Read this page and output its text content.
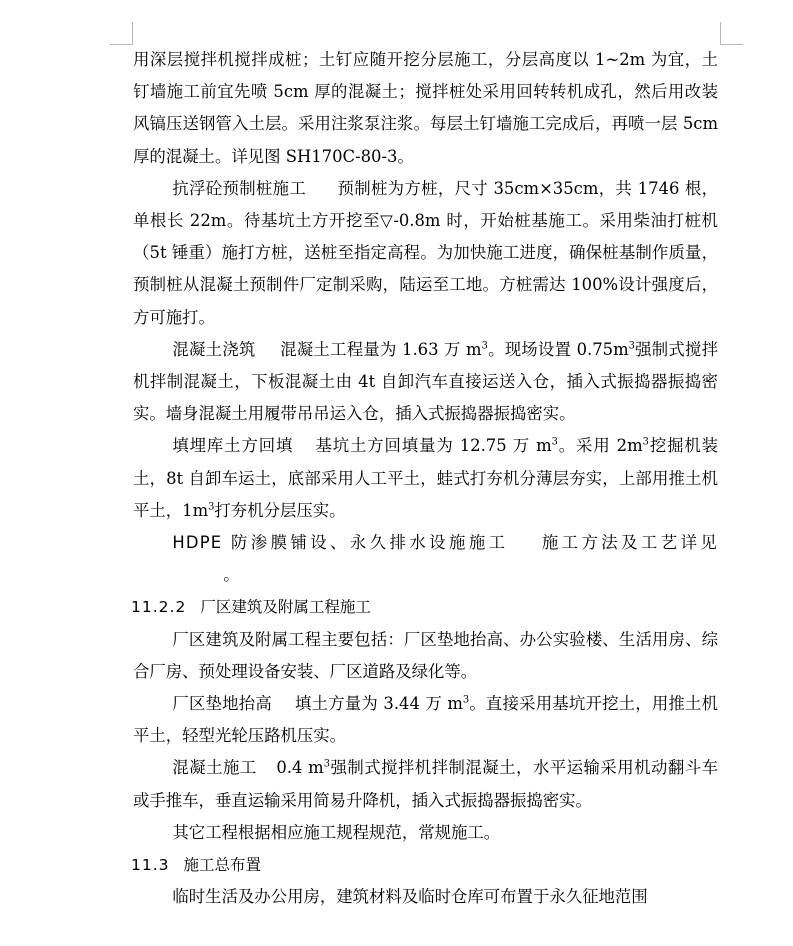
用深层搅拌机搅拌成桩；土钉应随开挖分层施工，分层高度以 1~2m 为宜，土钉墙施工前宜先喷 5cm 厚的混凝土；搅拌桩处采用回转转机成孔，然后用改装风镐压送钢管入土层。采用注浆泵注浆。每层土钉墙施工完成后，再喷一层 5cm 厚的混凝土。详见图 SH170C-80-3。

抗浮砼预制桩施工 预制桩为方桩，尺寸 35cm×35cm，共 1746 根，单根长 22m。待基坑土方开挖至▽-0.8m 时，开始桩基施工。采用柴油打桩机（5t 锤重）施打方桩，送桩至指定高程。为加快施工进度，确保桩基制作质量，预制桩从混凝土预制件厂定制采购，陆运至工地。方桩需达 100%设计强度后，方可施打。

混凝土浇筑 混凝土工程量为 1.63 万 $m^3$。现场设置 $0.75m^3$强制式搅拌机拌制混凝土，下板混凝土由 4t 自卸汽车直接运送入仓，插入式振捣器振捣密实。墙身混凝土用履带吊吊运入仓，插入式振捣器振捣密实。

填埋库土方回填 基坑土方回填量为 12.75 万 $m^3$。采用 $2m^3$挖掘机装土，8t 自卸车运土，底部采用人工平土，蛙式打夯机分薄层夯实，上部用推土机平土，$1m^3$打夯机分层压实。

HDPE 防渗膜铺设、永久排水设施施工 施工方法及工艺详见。

11.2.2 厂区建筑及附属工程施工

厂区建筑及附属工程主要包括：厂区垫地抬高、办公实验楼、生活用房、综合厂房、预处理设备安装、厂区道路及绿化等。

厂区垫地抬高 填土方量为 3.44 万 $m^3$。直接采用基坑开挖土，用推土机平土，轻型光轮压路机压实。

混凝土施工 0.4 $m^3$强制式搅拌机拌制混凝土，水平运输采用机动翻斗车或手推车，垂直运输采用简易升降机，插入式振捣器振捣密实。

其它工程根据相应施工规程规范，常规施工。

11.3 施工总布置

临时生活及办公用房，建筑材料及临时仓库可布置于永久征地范围
